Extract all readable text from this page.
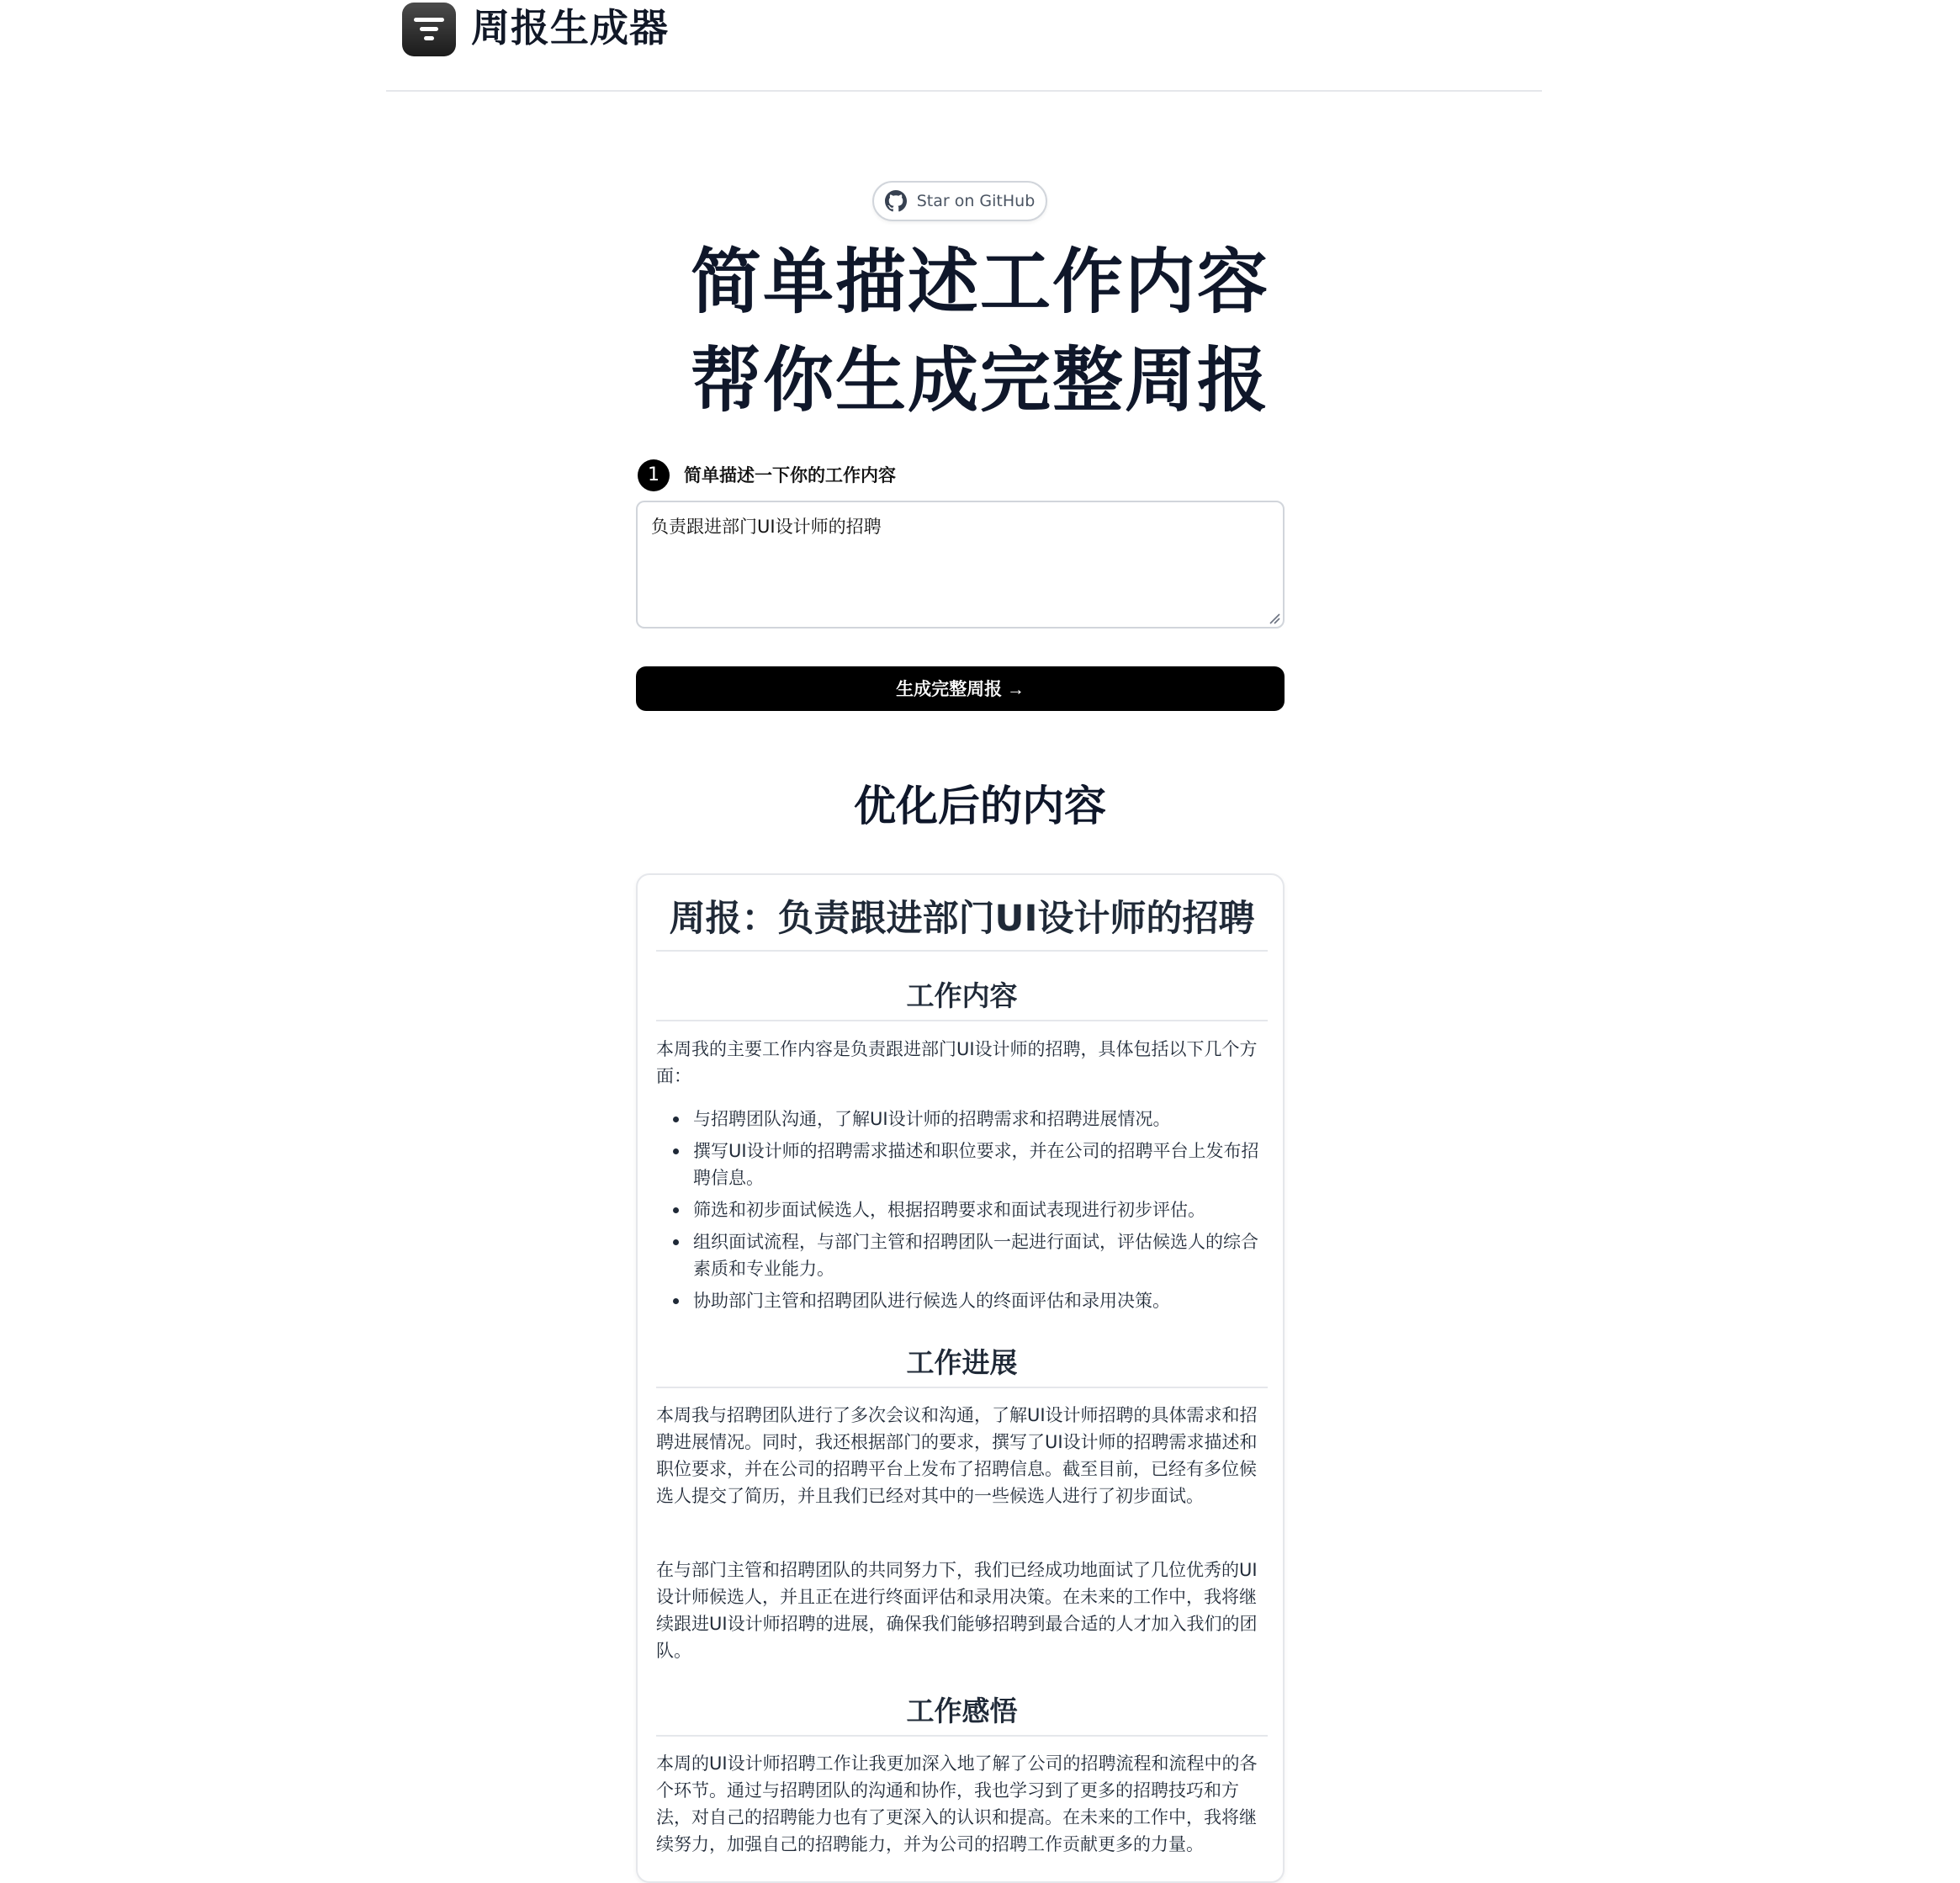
周报生成器
Star on GitHub
简单描述工作内容
帮你生成完整周报
1	简单描述一下你的工作内容
负责跟进部门UI设计师的招聘
生成完整周报 →
优化后的内容
周报：负责跟进部门UI设计师的招聘
工作内容

本周我的主要工作内容是负责跟进部门UI设计师的招聘，具体包括以下几个方面：

与招聘团队沟通，了解UI设计师的招聘需求和招聘进展情况。
撰写UI设计师的招聘需求描述和职位要求，并在公司的招聘平台上发布招聘信息。
筛选和初步面试候选人，根据招聘要求和面试表现进行初步评估。
组织面试流程，与部门主管和招聘团队一起进行面试，评估候选人的综合素质和专业能力。
协助部门主管和招聘团队进行候选人的终面评估和录用决策。
工作进展

本周我与招聘团队进行了多次会议和沟通，了解UI设计师招聘的具体需求和招聘进展情况。同时，我还根据部门的要求，撰写了UI设计师的招聘需求描述和职位要求，并在公司的招聘平台上发布了招聘信息。截至目前，已经有多位候选人提交了简历，并且我们已经对其中的一些候选人进行了初步面试。

在与部门主管和招聘团队的共同努力下，我们已经成功地面试了几位优秀的UI设计师候选人，并且正在进行终面评估和录用决策。在未来的工作中，我将继续跟进UI设计师招聘的进展，确保我们能够招聘到最合适的人才加入我们的团队。

工作感悟

本周的UI设计师招聘工作让我更加深入地了解了公司的招聘流程和流程中的各个环节。通过与招聘团队的沟通和协作，我也学习到了更多的招聘技巧和方法，对自己的招聘能力也有了更深入的认识和提高。在未来的工作中，我将继续努力，加强自己的招聘能力，并为公司的招聘工作贡献更多的力量。
